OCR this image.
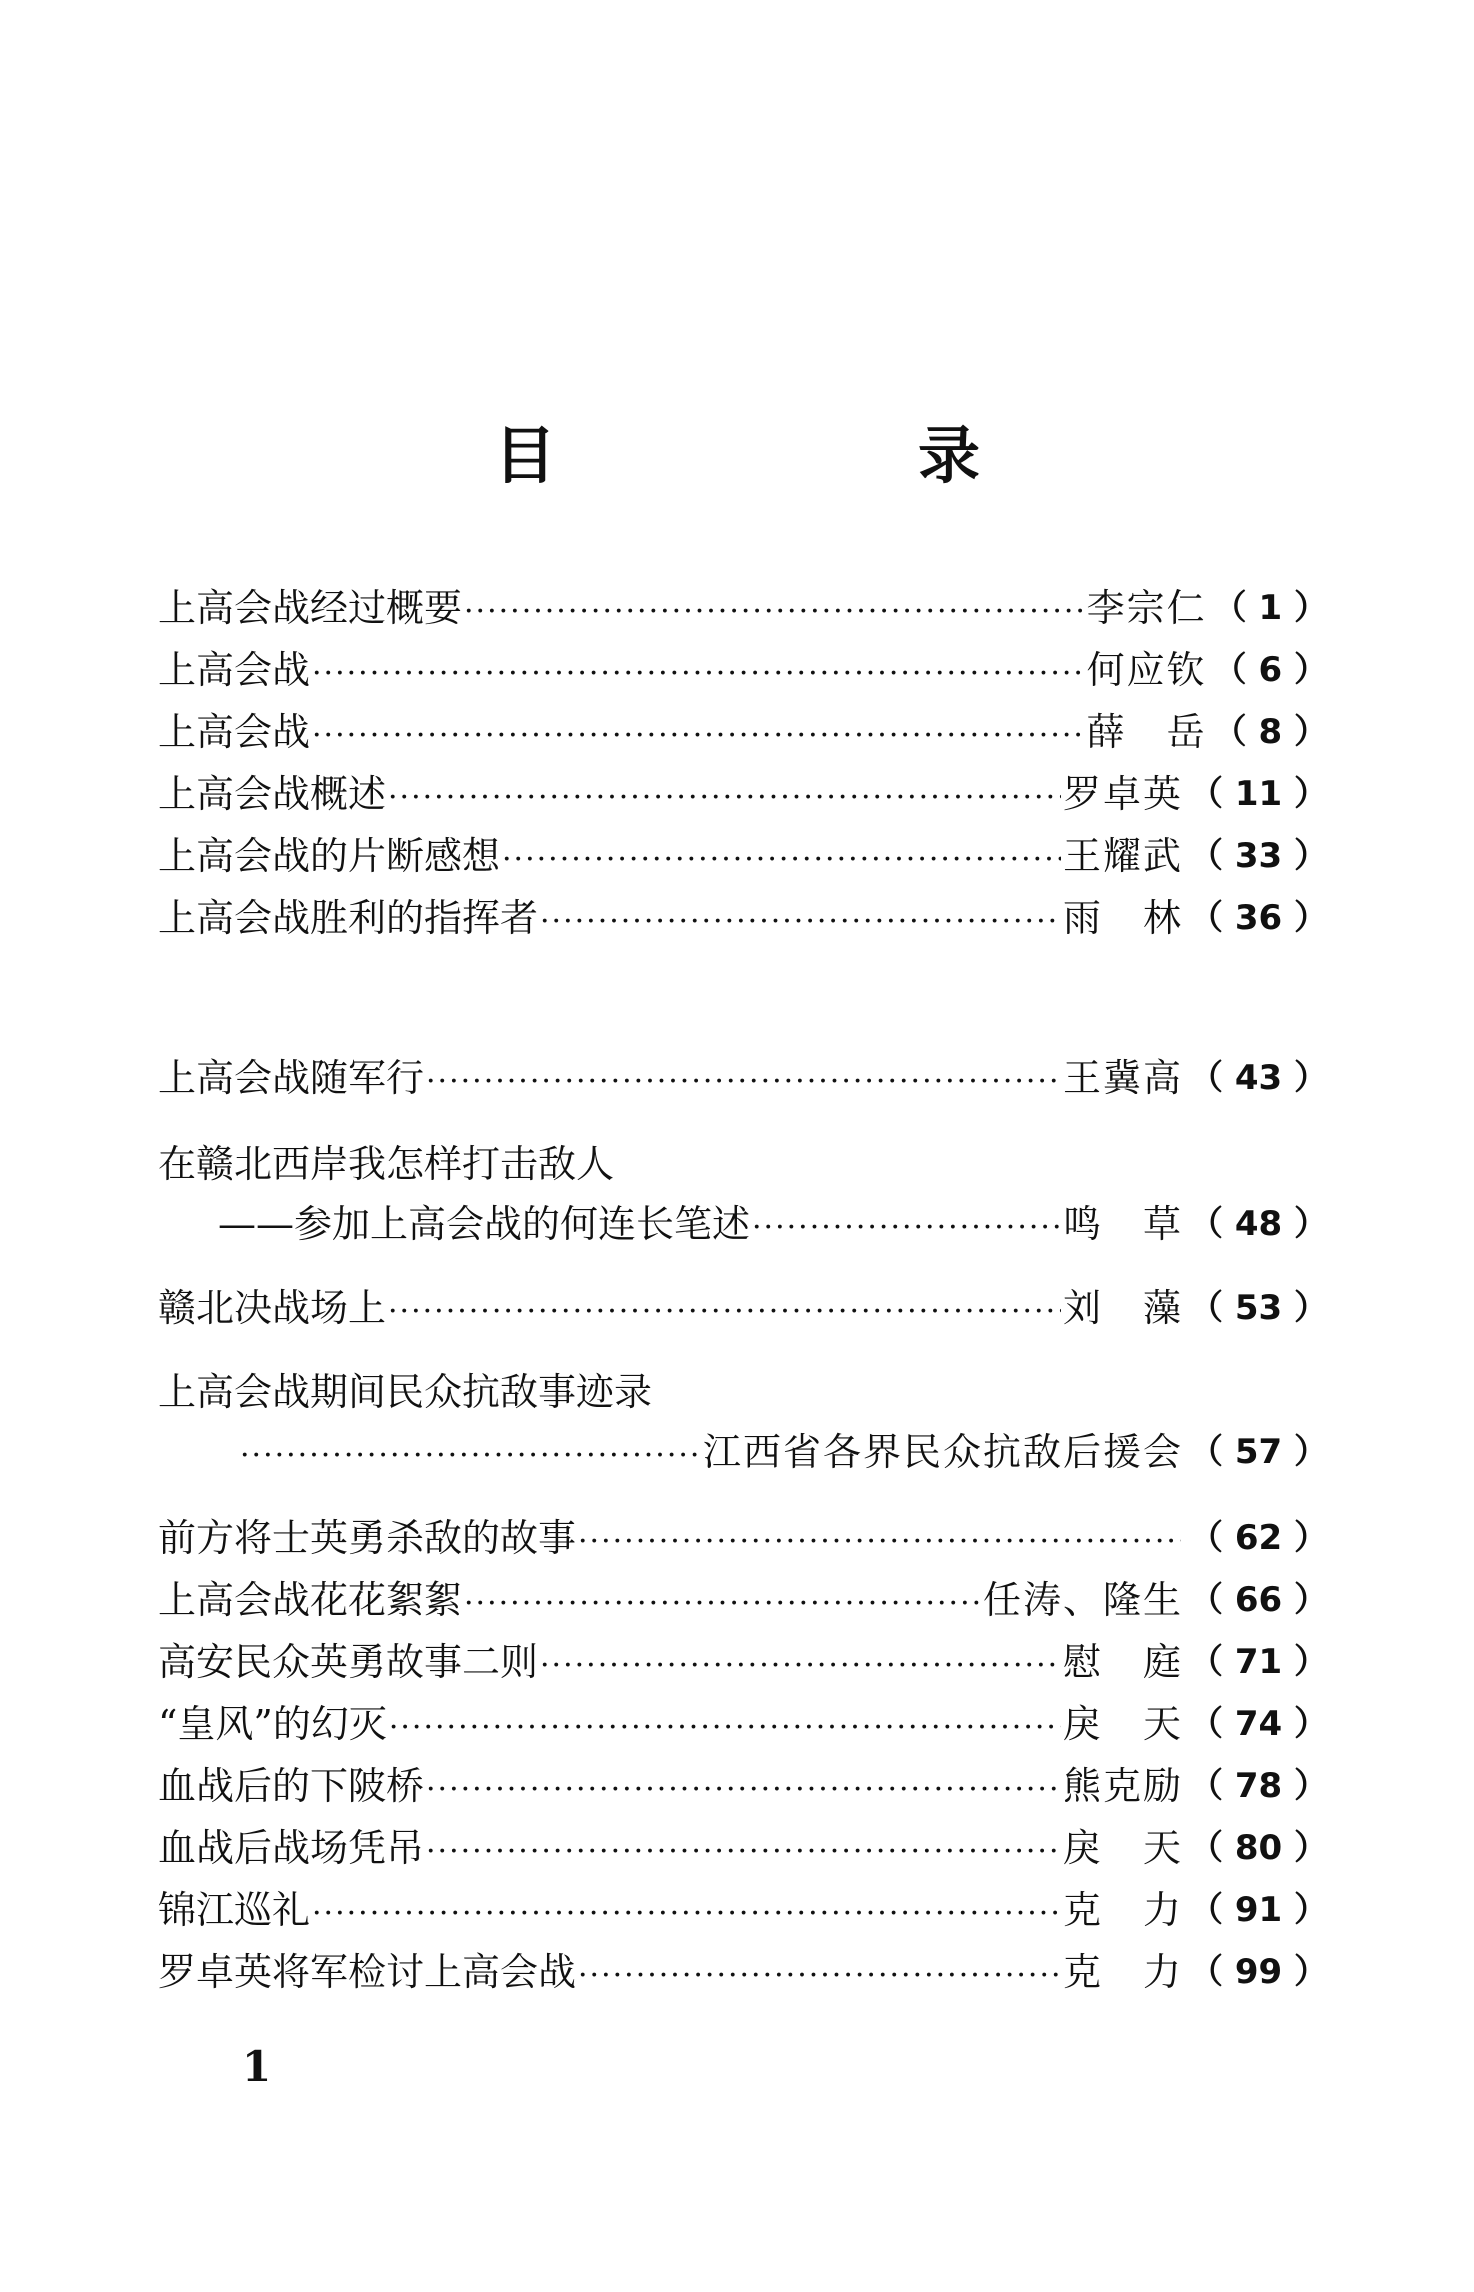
目　录
上高会战经过概要 ·····	李宗仁 （ 1 ）
上高会战 ·····	何应钦 （ 6 ）
上高会战 ·····	薛　岳 （ 8 ）
上高会战概述 ·····	罗卓英 （ 11 ）
上高会战的片断感想 ·····	王耀武 （ 33 ）
上高会战胜利的指挥者 ·····	雨　林 （ 36 ）
上高会战随军行 ·····	王冀高 （ 43 ）
在赣北西岸我怎样打击敌人
——参加上高会战的何连长笔述 ·····	鸣　草 （ 48 ）
赣北决战场上 ·····	刘　藻 （ 53 ）
上高会战期间民众抗敌事迹录
·····
江西省各界民众抗敌后援会 （ 57 ）
前方将士英勇杀敌的故事 ·····	（ 62 ）
上高会战花花絮絮 ·····	任涛、隆生 （ 66 ）
高安民众英勇故事二则 ·····	慰　庭 （ 71 ）
“皇风”的幻灭 ·····	戾　天 （ 74 ）
血战后的下陂桥 ·····	熊克励 （ 78 ）
血战后战场凭吊 ·····	戾　天 （ 80 ）
锦江巡礼 ·····	克　力 （ 91 ）
罗卓英将军检讨上高会战 ·····	克　力 （ 99 ）
1
